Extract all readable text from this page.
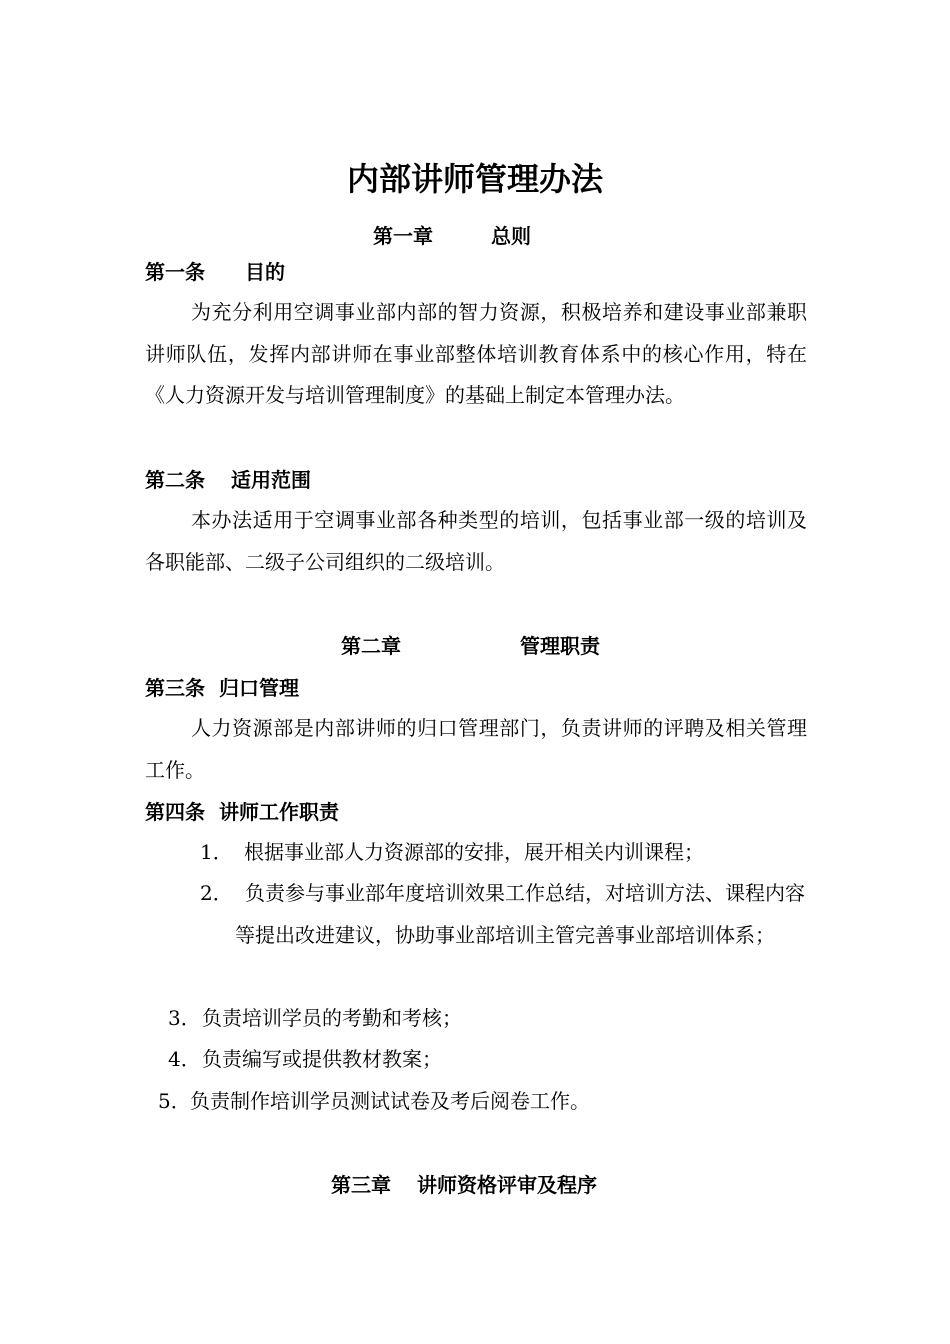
内部讲师管理办法
第一章	总则
第一条 目的
为充分利用空调事业部内部的智力资源，积极培养和建设事业部兼职讲师队伍，发挥内部讲师在事业部整体培训教育体系中的核心作用，特在《人力资源开发与培训管理制度》的基础上制定本管理办法。
第二条 适用范围
本办法适用于空调事业部各种类型的培训，包括事业部一级的培训及各职能部、二级子公司组织的二级培训。
第二章	管理职责
第三条 归口管理
人力资源部是内部讲师的归口管理部门，负责讲师的评聘及相关管理工作。
第四条 讲师工作职责
1． 根据事业部人力资源部的安排，展开相关内训课程；
2． 负责参与事业部年度培训效果工作总结，对培训方法、课程内容等提出改进建议，协助事业部培训主管完善事业部培训体系；
3．负责培训学员的考勤和考核；
4．负责编写或提供教材教案；
5．负责制作培训学员测试试卷及考后阅卷工作。
第三章 讲师资格评审及程序
